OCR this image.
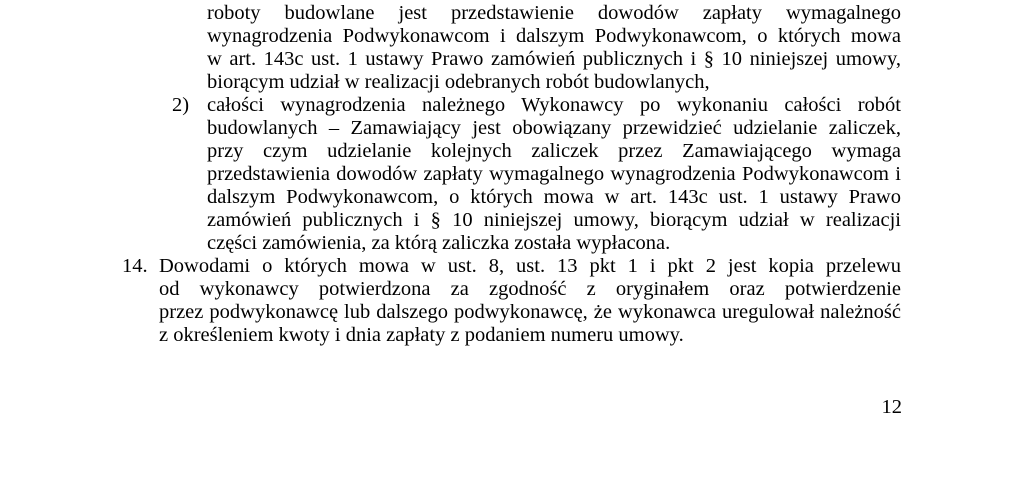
roboty budowlane jest przedstawienie dowodów zapłaty wymagalnego
wynagrodzenia Podwykonawcom i dalszym Podwykonawcom, o których mowa
w art. 143c ust. 1 ustawy Prawo zamówień publicznych i § 10 niniejszej umowy,
biorącym udział w realizacji odebranych robót budowlanych,
2) całości wynagrodzenia należnego Wykonawcy po wykonaniu całości robót
budowlanych – Zamawiający jest obowiązany przewidzieć udzielanie zaliczek,
przy czym udzielanie kolejnych zaliczek przez Zamawiającego wymaga
przedstawienia dowodów zapłaty wymagalnego wynagrodzenia Podwykonawcom i
dalszym Podwykonawcom, o których mowa w art. 143c ust. 1 ustawy Prawo
zamówień publicznych i § 10 niniejszej umowy, biorącym udział w realizacji
części zamówienia, za którą zaliczka została wypłacona.
14. Dowodami o których mowa w ust. 8, ust. 13 pkt 1 i pkt 2 jest kopia przelewu
od wykonawcy potwierdzona za zgodność z oryginałem oraz potwierdzenie
przez podwykonawcę lub dalszego podwykonawcę, że wykonawca uregulował należność
z określeniem kwoty i dnia zapłaty z podaniem numeru umowy.
12
